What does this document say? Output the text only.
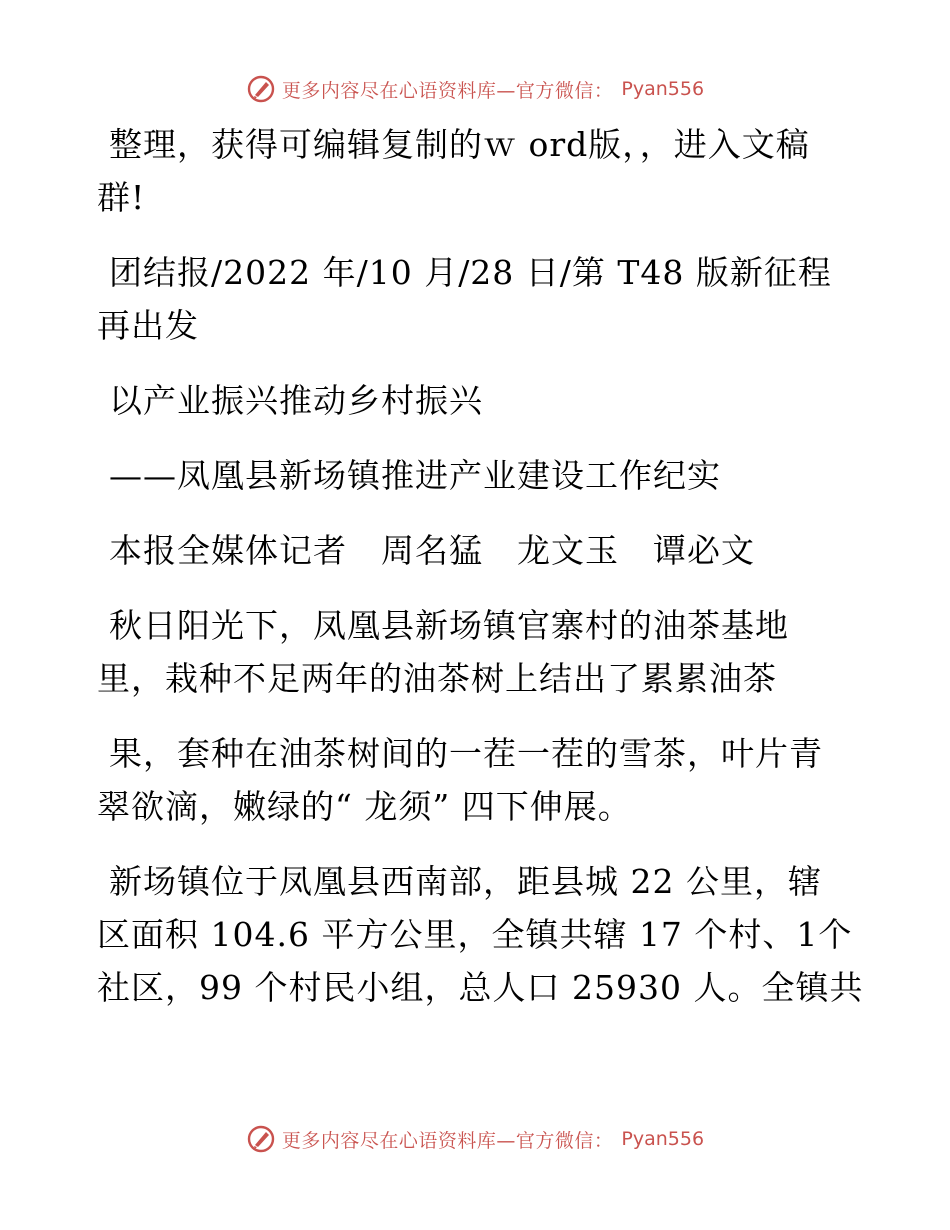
更多内容尽在心语资料库—官方微信： Pyan556
整理，获得可编辑复制的ｗ ord版，，进入文稿
群!
团结报/2022 年/10 月/28 日/第 T48 版新征程
再出发
以产业振兴推动乡村振兴
——凤凰县新场镇推进产业建设工作纪实
本报全媒体记者　周名猛　龙文玉　谭必文
秋日阳光下，凤凰县新场镇官寨村的油茶基地
里，栽种不足两年的油茶树上结出了累累油茶
果，套种在油茶树间的一茬一茬的雪茶，叶片青
翠欲滴，嫩绿的“ 龙须” 四下伸展。
新场镇位于凤凰县西南部，距县城 22 公里，辖
区面积 104.6 平方公里，全镇共辖 17 个村、1个
社区，99 个村民小组，总人口 25930 人。全镇共
更多内容尽在心语资料库—官方微信： Pyan556
